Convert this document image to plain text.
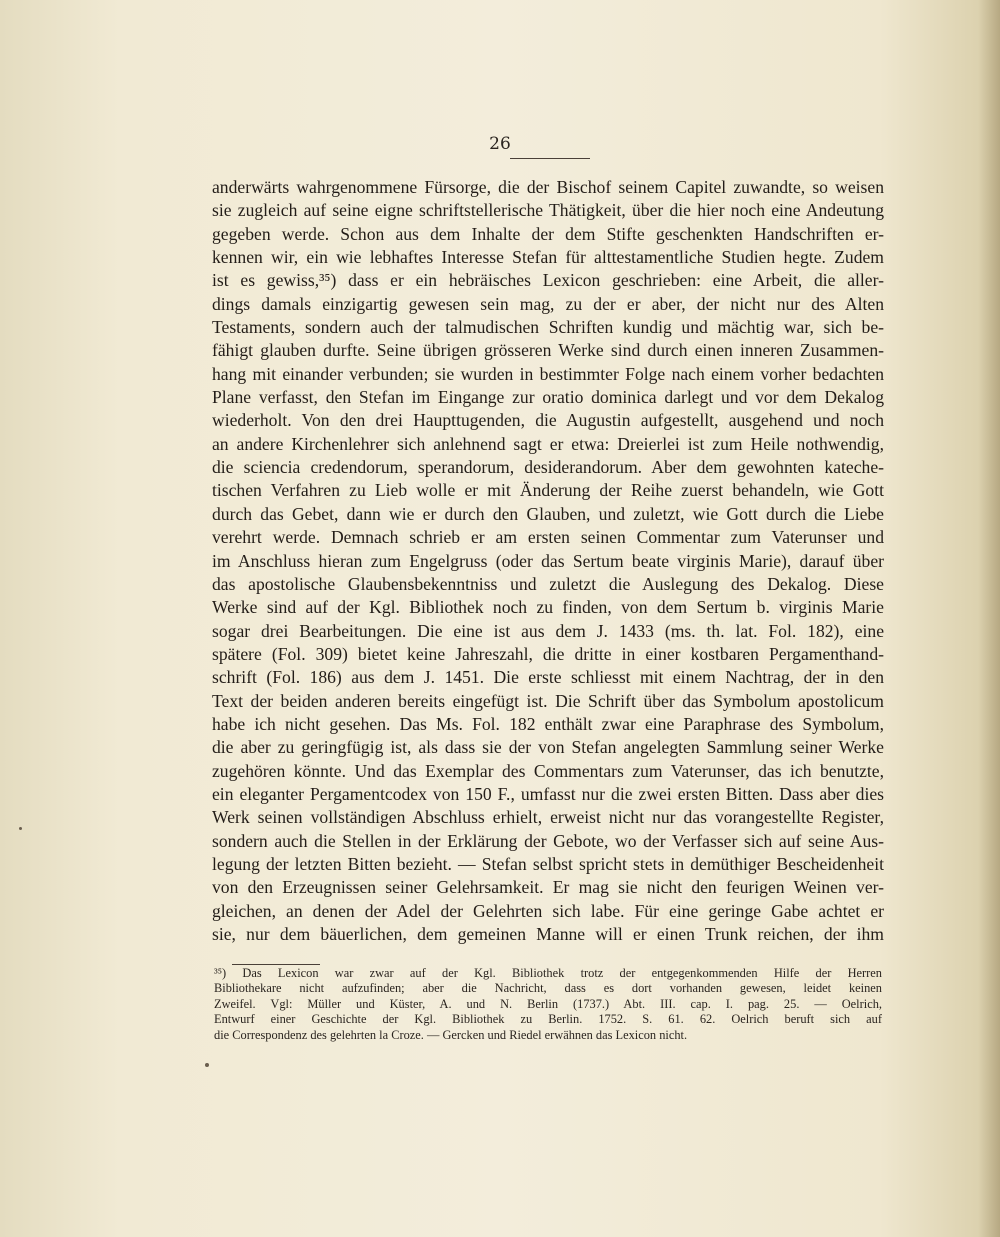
26
anderwärts wahrgenommene Fürsorge, die der Bischof seinem Capitel zuwandte, so weisen
sie zugleich auf seine eigne schriftstellerische Thätigkeit, über die hier noch eine Andeutung
gegeben werde. Schon aus dem Inhalte der dem Stifte geschenkten Handschriften er-
kennen wir, ein wie lebhaftes Interesse Stefan für alttestamentliche Studien hegte. Zudem
ist es gewiss,³⁵) dass er ein hebräisches Lexicon geschrieben: eine Arbeit, die aller-
dings damals einzigartig gewesen sein mag, zu der er aber, der nicht nur des Alten
Testaments, sondern auch der talmudischen Schriften kundig und mächtig war, sich be-
fähigt glauben durfte. Seine übrigen grösseren Werke sind durch einen inneren Zusammen-
hang mit einander verbunden; sie wurden in bestimmter Folge nach einem vorher bedachten
Plane verfasst, den Stefan im Eingange zur oratio dominica darlegt und vor dem Dekalog
wiederholt. Von den drei Haupttugenden, die Augustin aufgestellt, ausgehend und noch
an andere Kirchenlehrer sich anlehnend sagt er etwa: Dreierlei ist zum Heile nothwendig,
die sciencia credendorum, sperandorum, desiderandorum. Aber dem gewohnten kateche-
tischen Verfahren zu Lieb wolle er mit Änderung der Reihe zuerst behandeln, wie Gott
durch das Gebet, dann wie er durch den Glauben, und zuletzt, wie Gott durch die Liebe
verehrt werde. Demnach schrieb er am ersten seinen Commentar zum Vaterunser und
im Anschluss hieran zum Engelgruss (oder das Sertum beate virginis Marie), darauf über
das apostolische Glaubensbekenntniss und zuletzt die Auslegung des Dekalog. Diese
Werke sind auf der Kgl. Bibliothek noch zu finden, von dem Sertum b. virginis Marie
sogar drei Bearbeitungen. Die eine ist aus dem J. 1433 (ms. th. lat. Fol. 182), eine
spätere (Fol. 309) bietet keine Jahreszahl, die dritte in einer kostbaren Pergamenthand-
schrift (Fol. 186) aus dem J. 1451. Die erste schliesst mit einem Nachtrag, der in den
Text der beiden anderen bereits eingefügt ist. Die Schrift über das Symbolum apostolicum
habe ich nicht gesehen. Das Ms. Fol. 182 enthält zwar eine Paraphrase des Symbolum,
die aber zu geringfügig ist, als dass sie der von Stefan angelegten Sammlung seiner Werke
zugehören könnte. Und das Exemplar des Commentars zum Vaterunser, das ich benutzte,
ein eleganter Pergamentcodex von 150 F., umfasst nur die zwei ersten Bitten. Dass aber dies
Werk seinen vollständigen Abschluss erhielt, erweist nicht nur das vorangestellte Register,
sondern auch die Stellen in der Erklärung der Gebote, wo der Verfasser sich auf seine Aus-
legung der letzten Bitten bezieht. — Stefan selbst spricht stets in demüthiger Bescheidenheit
von den Erzeugnissen seiner Gelehrsamkeit. Er mag sie nicht den feurigen Weinen ver-
gleichen, an denen der Adel der Gelehrten sich labe. Für eine geringe Gabe achtet er
sie, nur dem bäuerlichen, dem gemeinen Manne will er einen Trunk reichen, der ihm
³⁵) Das Lexicon war zwar auf der Kgl. Bibliothek trotz der entgegenkommenden Hilfe der Herren
Bibliothekare nicht aufzufinden; aber die Nachricht, dass es dort vorhanden gewesen, leidet keinen
Zweifel. Vgl: Müller und Küster, A. und N. Berlin (1737.) Abt. III. cap. I. pag. 25. — Oelrich,
Entwurf einer Geschichte der Kgl. Bibliothek zu Berlin. 1752. S. 61. 62. Oelrich beruft sich auf
die Correspondenz des gelehrten la Croze. — Gercken und Riedel erwähnen das Lexicon nicht.
